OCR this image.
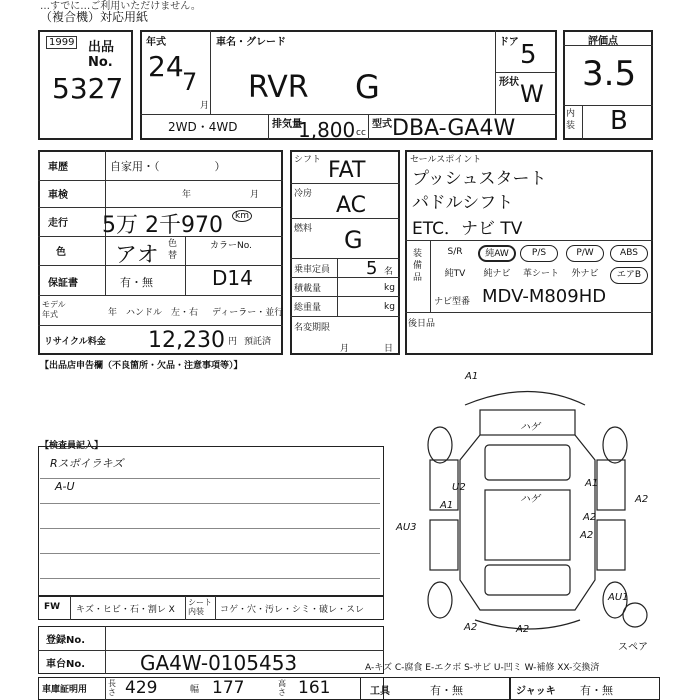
…すでに…ご利用いただけません。
（複合機）対応用紙
1999 出品No.
5327
年式
24
7
月
車名・グレード
RVR G
ドア 5
形状 W
2WD・4WD	排気量
1,800 cc
型式 DBA-GA4W
評価点
3.5
内装 B
車歴	自家用・（　　　　　）
車検	年	月
走行 5万 2千970	km
色 アオ 色替
カラーNo.
D14
保証書	有・無
モデル年式	年 ハンドル　左・右 ディーラー・並行
リサイクル料金 12,230 円 預託済
シフト FAT
冷房 AC
燃料 G
乗車定員 5 名
積載量	kg
総重量	kg
名変期限
月	日
セールスポイント
プッシュスタート
パドルシフト
ETC．ナビ TV
装備品
S/R	純AW	P/S	P/W	ABS
純TV	純ナビ	革シート	外ナビ	エアB
ナビ型番 MDV-M809HD
後日品
【出品店申告欄（不良箇所・欠品・注意事項等）】
【検査員記入】
Rスポイラキズ
A-U
A1
ハゲ
ハゲ
A1
A2
A2
A2
U2
A1
AU3
AU1
A2	A2
スペア
FW キズ・ヒビ・石・割レ X
シート内装	コゲ・穴・汚レ・シミ・破レ・スレ
登録No.
車台No.	GA4W-0105453	A-キズ C-腐食 E-エクボ S-サビ U-凹ミ W-補修 XX-交換済
車庫証明用
長さ 429	幅 177	高さ 161	工具	有・無	ジャッキ 有・無
